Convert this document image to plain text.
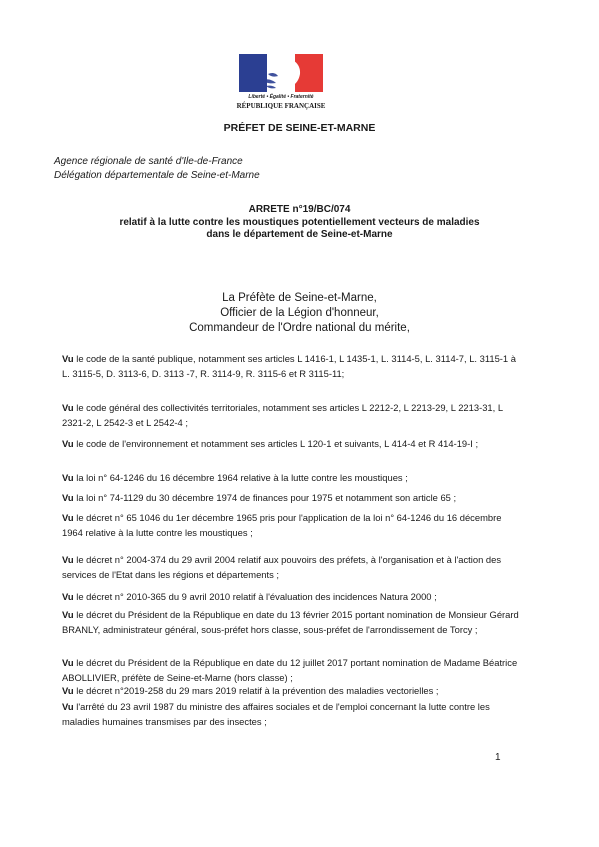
Liberté • Égalité • Fraternité
RÉPUBLIQUE FRANÇAISE
PRÉFET DE SEINE-ET-MARNE
Agence régionale de santé d'Ile-de-France
Délégation départementale de Seine-et-Marne
ARRETE n°19/BC/074
relatif à la lutte contre les moustiques potentiellement vecteurs de maladies
dans le département de Seine-et-Marne
La Préfète de Seine-et-Marne,
Officier de la Légion d'honneur,
Commandeur de l'Ordre national du mérite,

Vu le code de la santé publique, notamment ses articles L 1416-1, L 1435-1, L. 3114-5, L. 3114-7, L. 3115-1 à L. 3115-5, D. 3113-6, D. 3113 -7, R. 3114-9, R. 3115-6 et R 3115-11;

Vu le code général des collectivités territoriales, notamment ses articles L 2212-2, L 2213-29, L 2213-31, L 2321-2, L 2542-3 et L 2542-4 ;

Vu le code de l'environnement et notamment ses articles L 120-1 et suivants, L 414-4 et R 414-19-I ;

Vu la loi n° 64-1246 du 16 décembre 1964 relative à la lutte contre les moustiques ;

Vu la loi n° 74-1129 du 30 décembre 1974 de finances pour 1975 et notamment son article 65 ;

Vu le décret n° 65 1046 du 1er décembre 1965 pris pour l'application de la loi n° 64-1246 du 16 décembre 1964 relative à la lutte contre les moustiques ;

Vu le décret n° 2004-374 du 29 avril 2004 relatif aux pouvoirs des préfets, à l'organisation et à l'action des services de l'Etat dans les régions et départements ;

Vu le décret n° 2010-365 du 9 avril 2010 relatif à l'évaluation des incidences Natura 2000 ;

Vu le décret du Président de la République en date du 13 février 2015 portant nomination de Monsieur Gérard BRANLY, administrateur général, sous-préfet hors classe, sous-préfet de l'arrondissement de Torcy ;

Vu le décret du Président de la République en date du 12 juillet 2017 portant nomination de Madame Béatrice ABOLLIVIER, préfète de Seine-et-Marne (hors classe) ;

Vu le décret n°2019-258 du 29 mars 2019 relatif à la prévention des maladies vectorielles ;

Vu l'arrêté du 23 avril 1987 du ministre des affaires sociales et de l'emploi concernant la lutte contre les maladies humaines transmises par des insectes ;

1
